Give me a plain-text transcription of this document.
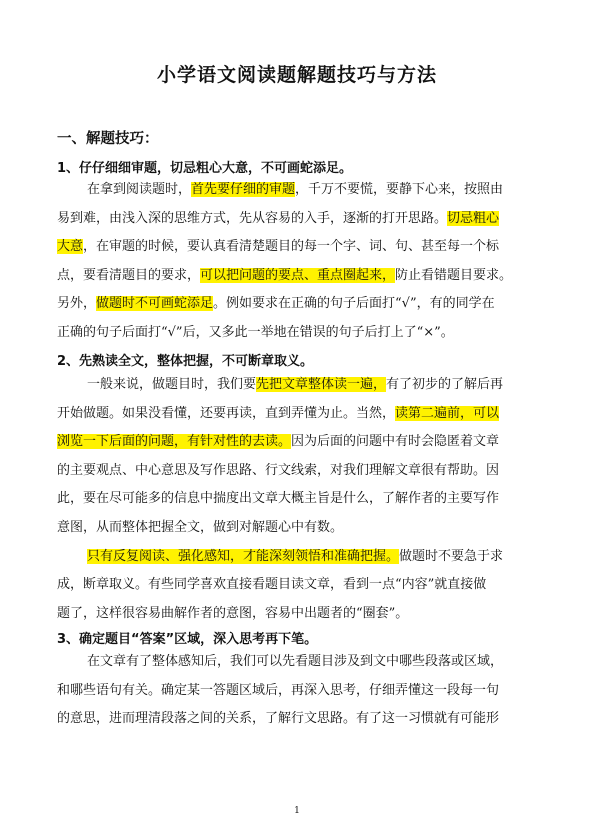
小学语文阅读题解题技巧与方法
一、解题技巧：
1、仔仔细细审题，切忌粗心大意，不可画蛇添足。
在拿到阅读题时，首先要仔细的审题，千万不要慌，要静下心来，按照由
易到难，由浅入深的思维方式，先从容易的入手，逐渐的打开思路。切忌粗心
大意，在审题的时候，要认真看清楚题目的每一个字、词、句、甚至每一个标
点，要看清题目的要求，可以把问题的要点、重点圈起来，防止看错题目要求。
另外，做题时不可画蛇添足。例如要求在正确的句子后面打“√”，有的同学在
正确的句子后面打“√”后，又多此一举地在错误的句子后打上了“×”。
2、先熟读全文，整体把握，不可断章取义。
一般来说，做题目时，我们要先把文章整体读一遍，有了初步的了解后再
开始做题。如果没看懂，还要再读，直到弄懂为止。当然，读第二遍前，可以
浏览一下后面的问题，有针对性的去读。因为后面的问题中有时会隐匿着文章
的主要观点、中心意思及写作思路、行文线索，对我们理解文章很有帮助。因
此，要在尽可能多的信息中揣度出文章大概主旨是什么，了解作者的主要写作
意图，从而整体把握全文，做到对解题心中有数。
只有反复阅读、强化感知，才能深刻领悟和准确把握。做题时不要急于求
成，断章取义。有些同学喜欢直接看题目读文章，看到一点“内容”就直接做
题了，这样很容易曲解作者的意图，容易中出题者的“圈套”。
3、确定题目“答案”区域，深入思考再下笔。
在文章有了整体感知后，我们可以先看题目涉及到文中哪些段落或区域，
和哪些语句有关。确定某一答题区域后，再深入思考，仔细弄懂这一段每一句
的意思，进而理清段落之间的关系，了解行文思路。有了这一习惯就有可能形
1
